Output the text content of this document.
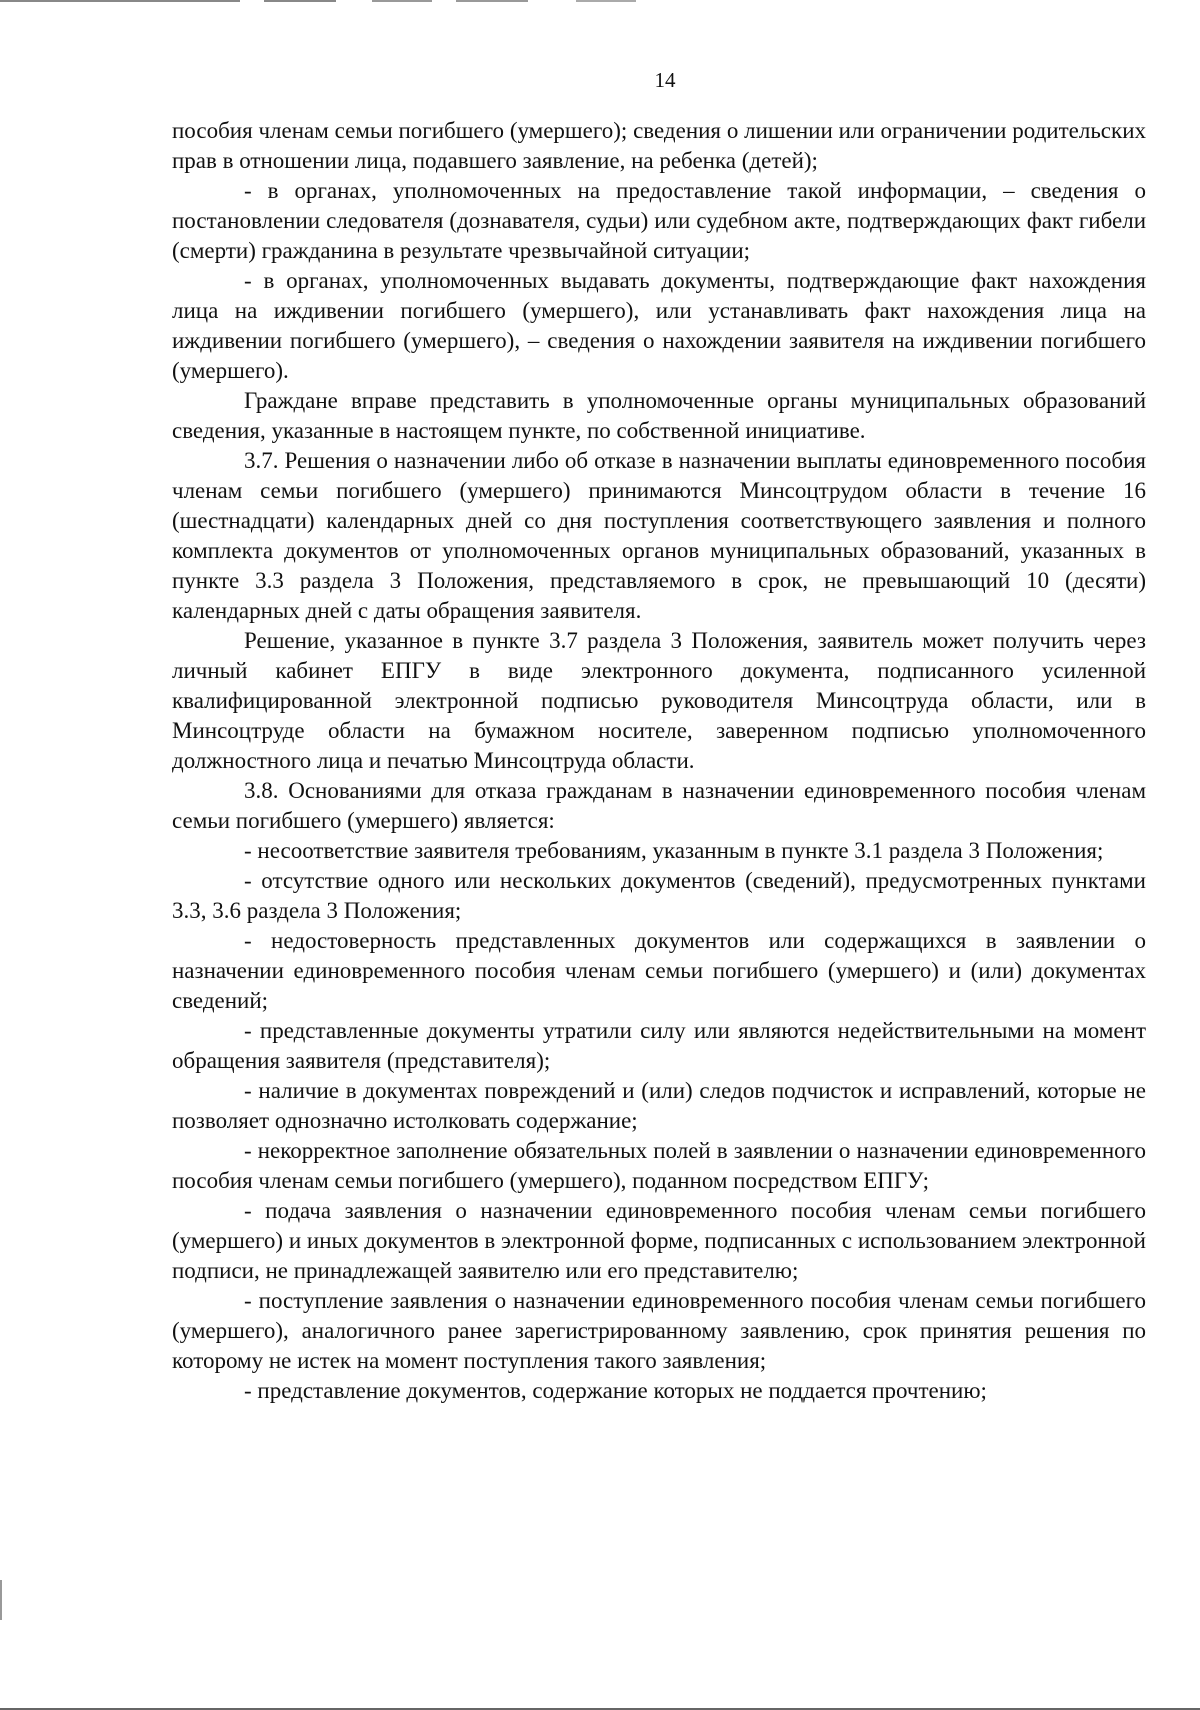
14

пособия членам семьи погибшего (умершего); сведения о лишении или ограничении родительских прав в отношении лица, подавшего заявление, на ребенка (детей);

- в органах, уполномоченных на предоставление такой информации, – сведения о постановлении следователя (дознавателя, судьи) или судебном акте, подтверждающих факт гибели (смерти) гражданина в результате чрезвычайной ситуации;

- в органах, уполномоченных выдавать документы, подтверждающие факт нахождения лица на иждивении погибшего (умершего), или устанавливать факт нахождения лица на иждивении погибшего (умершего), – сведения о нахождении заявителя на иждивении погибшего (умершего).

Граждане вправе представить в уполномоченные органы муниципальных образований сведения, указанные в настоящем пункте, по собственной инициативе.

3.7. Решения о назначении либо об отказе в назначении выплаты единовременного пособия членам семьи погибшего (умершего) принимаются Минсоцтрудом области в течение 16 (шестнадцати) календарных дней со дня поступления соответствующего заявления и полного комплекта документов от уполномоченных органов муниципальных образований, указанных в пункте 3.3 раздела 3 Положения, представляемого в срок, не превышающий 10 (десяти) календарных дней с даты обращения заявителя.

Решение, указанное в пункте 3.7 раздела 3 Положения, заявитель может получить через личный кабинет ЕПГУ в виде электронного документа, подписанного усиленной квалифицированной электронной подписью руководителя Минсоцтруда области, или в Минсоцтруде области на бумажном носителе, заверенном подписью уполномоченного должностного лица и печатью Минсоцтруда области.

3.8. Основаниями для отказа гражданам в назначении единовременного пособия членам семьи погибшего (умершего) является:

- несоответствие заявителя требованиям, указанным в пункте 3.1 раздела 3 Положения;

- отсутствие одного или нескольких документов (сведений), предусмотренных пунктами 3.3, 3.6 раздела 3 Положения;

- недостоверность представленных документов или содержащихся в заявлении о назначении единовременного пособия членам семьи погибшего (умершего) и (или) документах сведений;

- представленные документы утратили силу или являются недействительными на момент обращения заявителя (представителя);

- наличие в документах повреждений и (или) следов подчисток и исправлений, которые не позволяет однозначно истолковать содержание;

- некорректное заполнение обязательных полей в заявлении о назначении единовременного пособия членам семьи погибшего (умершего), поданном посредством ЕПГУ;

- подача заявления о назначении единовременного пособия членам семьи погибшего (умершего) и иных документов в электронной форме, подписанных с использованием электронной подписи, не принадлежащей заявителю или его представителю;

- поступление заявления о назначении единовременного пособия членам семьи погибшего (умершего), аналогичного ранее зарегистрированному заявлению, срок принятия решения по которому не истек на момент поступления такого заявления;

- представление документов, содержание которых не поддается прочтению;
